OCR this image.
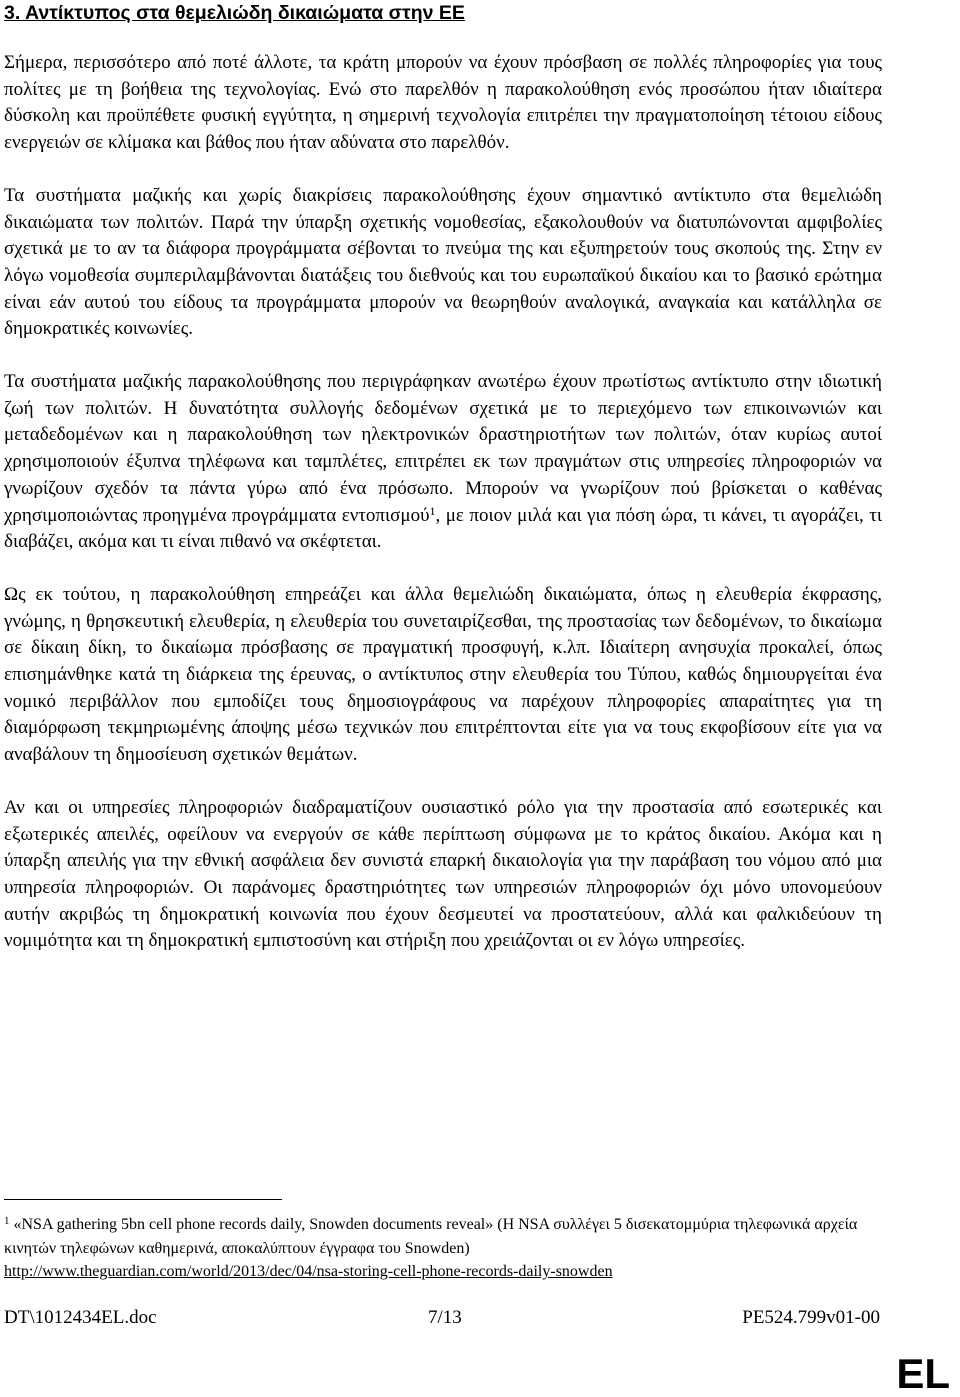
3. Αντίκτυπος στα θεμελιώδη δικαιώματα στην ΕΕ

Σήμερα, περισσότερο από ποτέ άλλοτε, τα κράτη μπορούν να έχουν πρόσβαση σε πολλές πληροφορίες για τους πολίτες με τη βοήθεια της τεχνολογίας. Ενώ στο παρελθόν η παρακολούθηση ενός προσώπου ήταν ιδιαίτερα δύσκολη και προϋπέθετε φυσική εγγύτητα, η σημερινή τεχνολογία επιτρέπει την πραγματοποίηση τέτοιου είδους ενεργειών σε κλίμακα και βάθος που ήταν αδύνατα στο παρελθόν.

Τα συστήματα μαζικής και χωρίς διακρίσεις παρακολούθησης έχουν σημαντικό αντίκτυπο στα θεμελιώδη δικαιώματα των πολιτών. Παρά την ύπαρξη σχετικής νομοθεσίας, εξακολουθούν να διατυπώνονται αμφιβολίες σχετικά με το αν τα διάφορα προγράμματα σέβονται το πνεύμα της και εξυπηρετούν τους σκοπούς της. Στην εν λόγω νομοθεσία συμπεριλαμβάνονται διατάξεις του διεθνούς και του ευρωπαϊκού δικαίου και το βασικό ερώτημα είναι εάν αυτού του είδους τα προγράμματα μπορούν να θεωρηθούν αναλογικά, αναγκαία και κατάλληλα σε δημοκρατικές κοινωνίες.

Τα συστήματα μαζικής παρακολούθησης που περιγράφηκαν ανωτέρω έχουν πρωτίστως αντίκτυπο στην ιδιωτική ζωή των πολιτών. Η δυνατότητα συλλογής δεδομένων σχετικά με το περιεχόμενο των επικοινωνιών και μεταδεδομένων και η παρακολούθηση των ηλεκτρονικών δραστηριοτήτων των πολιτών, όταν κυρίως αυτοί χρησιμοποιούν έξυπνα τηλέφωνα και ταμπλέτες, επιτρέπει εκ των πραγμάτων στις υπηρεσίες πληροφοριών να γνωρίζουν σχεδόν τα πάντα γύρω από ένα πρόσωπο. Μπορούν να γνωρίζουν πού βρίσκεται ο καθένας χρησιμοποιώντας προηγμένα προγράμματα εντοπισμού$^1$, με ποιον μιλά και για πόση ώρα, τι κάνει, τι αγοράζει, τι διαβάζει, ακόμα και τι είναι πιθανό να σκέφτεται.

Ως εκ τούτου, η παρακολούθηση επηρεάζει και άλλα θεμελιώδη δικαιώματα, όπως η ελευθερία έκφρασης, γνώμης, η θρησκευτική ελευθερία, η ελευθερία του συνεταιρίζεσθαι, της προστασίας των δεδομένων, το δικαίωμα σε δίκαιη δίκη, το δικαίωμα πρόσβασης σε πραγματική προσφυγή, κ.λπ. Ιδιαίτερη ανησυχία προκαλεί, όπως επισημάνθηκε κατά τη διάρκεια της έρευνας, ο αντίκτυπος στην ελευθερία του Τύπου, καθώς δημιουργείται ένα νομικό περιβάλλον που εμποδίζει τους δημοσιογράφους να παρέχουν πληροφορίες απαραίτητες για τη διαμόρφωση τεκμηριωμένης άποψης μέσω τεχνικών που επιτρέπτονται είτε για να τους εκφοβίσουν είτε για να αναβάλουν τη δημοσίευση σχετικών θεμάτων.

Αν και οι υπηρεσίες πληροφοριών διαδραματίζουν ουσιαστικό ρόλο για την προστασία από εσωτερικές και εξωτερικές απειλές, οφείλουν να ενεργούν σε κάθε περίπτωση σύμφωνα με το κράτος δικαίου. Ακόμα και η ύπαρξη απειλής για την εθνική ασφάλεια δεν συνιστά επαρκή δικαιολογία για την παράβαση του νόμου από μια υπηρεσία πληροφοριών. Οι παράνομες δραστηριότητες των υπηρεσιών πληροφοριών όχι μόνο υπονομεύουν αυτήν ακριβώς τη δημοκρατική κοινωνία που έχουν δεσμευτεί να προστατεύουν, αλλά και φαλκιδεύουν τη νομιμότητα και τη δημοκρατική εμπιστοσύνη και στήριξη που χρειάζονται οι εν λόγω υπηρεσίες.

$^1$ «NSA gathering 5bn cell phone records daily, Snowden documents reveal» (Η NSA συλλέγει 5 δισεκατομμύρια τηλεφωνικά αρχεία κινητών τηλεφώνων καθημερινά, αποκαλύπτουν έγγραφα του Snowden)
http://www.theguardian.com/world/2013/dec/04/nsa-storing-cell-phone-records-daily-snowden
DT\1012434EL.doc	7/13	PE524.799v01-00
EL
